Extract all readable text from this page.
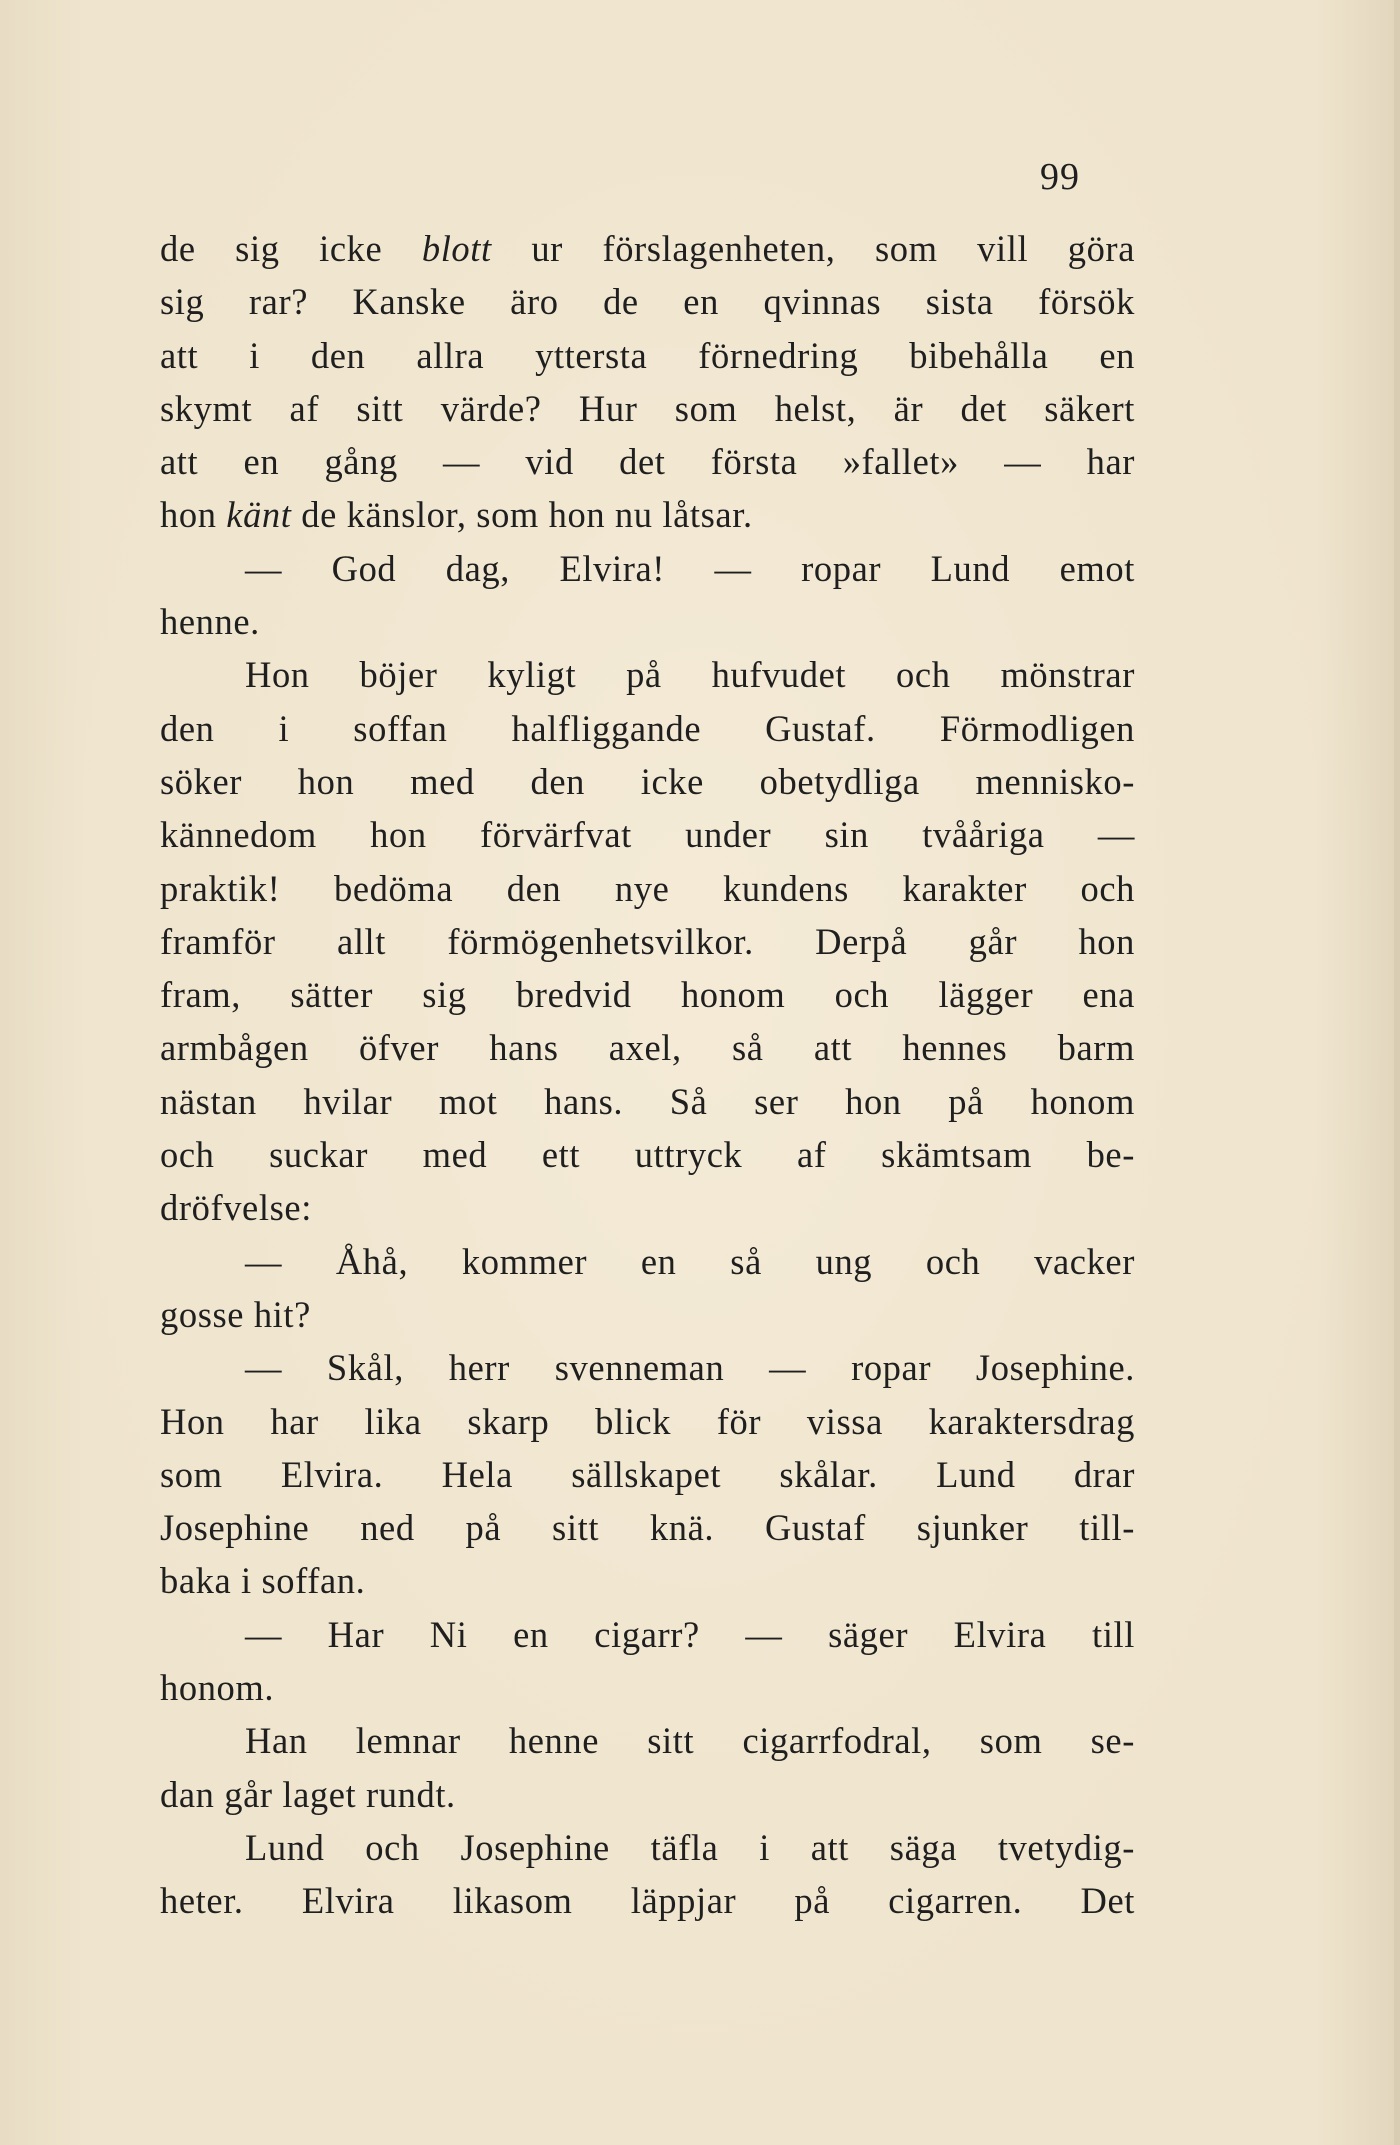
99
de sig icke blott ur förslagenheten, som vill göra
sig rar? Kanske äro de en qvinnas sista försök
att i den allra yttersta förnedring bibehålla en
skymt af sitt värde? Hur som helst, är det säkert
att en gång — vid det första »fallet» — har
hon känt de känslor, som hon nu låtsar.
— God dag, Elvira! — ropar Lund emot
henne.
Hon böjer kyligt på hufvudet och mönstrar
den i soffan halfliggande Gustaf. Förmodligen
söker hon med den icke obetydliga mennisko-
kännedom hon förvärfvat under sin tvååriga —
praktik! bedöma den nye kundens karakter och
framför allt förmögenhetsvilkor. Derpå går hon
fram, sätter sig bredvid honom och lägger ena
armbågen öfver hans axel, så att hennes barm
nästan hvilar mot hans. Så ser hon på honom
och suckar med ett uttryck af skämtsam be-
dröfvelse:
— Åhå, kommer en så ung och vacker
gosse hit?
— Skål, herr svenneman — ropar Josephine.
Hon har lika skarp blick för vissa karaktersdrag
som Elvira. Hela sällskapet skålar. Lund drar
Josephine ned på sitt knä. Gustaf sjunker till-
baka i soffan.
— Har Ni en cigarr? — säger Elvira till
honom.
Han lemnar henne sitt cigarrfodral, som se-
dan går laget rundt.
Lund och Josephine täfla i att säga tvetydig-
heter. Elvira likasom läppjar på cigarren. Det
